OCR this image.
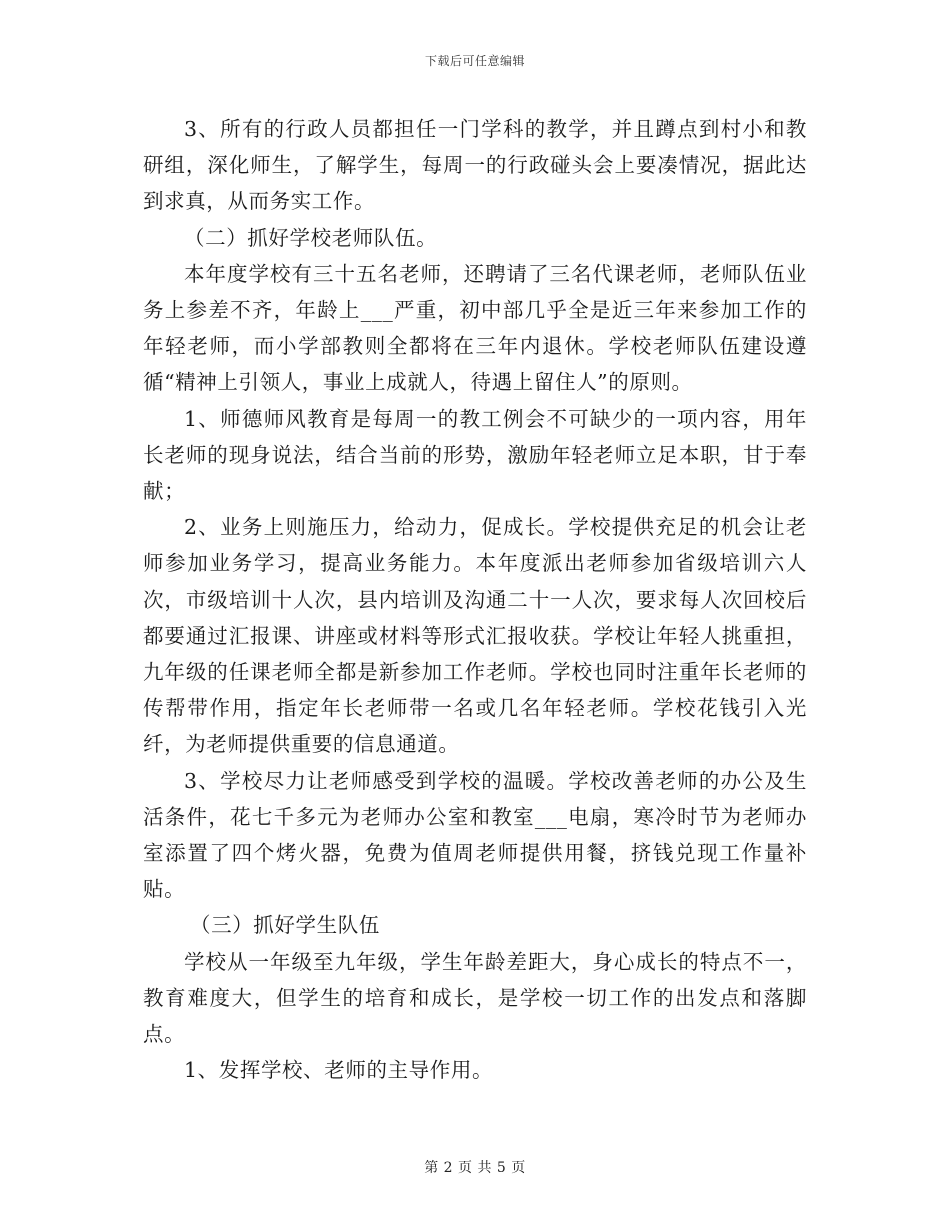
下载后可任意编辑

3、所有的行政人员都担任一门学科的教学，并且蹲点到村小和教研组，深化师生，了解学生，每周一的行政碰头会上要凑情况，据此达到求真，从而务实工作。

（二）抓好学校老师队伍。

本年度学校有三十五名老师，还聘请了三名代课老师，老师队伍业务上参差不齐，年龄上___严重，初中部几乎全是近三年来参加工作的年轻老师，而小学部教则全都将在三年内退休。学校老师队伍建设遵循“精神上引领人，事业上成就人，待遇上留住人”的原则。

1、师德师风教育是每周一的教工例会不可缺少的一项内容，用年长老师的现身说法，结合当前的形势，激励年轻老师立足本职，甘于奉献；

2、业务上则施压力，给动力，促成长。学校提供充足的机会让老师参加业务学习，提高业务能力。本年度派出老师参加省级培训六人次，市级培训十人次，县内培训及沟通二十一人次，要求每人次回校后都要通过汇报课、讲座或材料等形式汇报收获。学校让年轻人挑重担，九年级的任课老师全都是新参加工作老师。学校也同时注重年长老师的传帮带作用，指定年长老师带一名或几名年轻老师。学校花钱引入光纤，为老师提供重要的信息通道。

3、学校尽力让老师感受到学校的温暖。学校改善老师的办公及生活条件，花七千多元为老师办公室和教室___电扇，寒冷时节为老师办室添置了四个烤火器，免费为值周老师提供用餐，挤钱兑现工作量补贴。

（三）抓好学生队伍

学校从一年级至九年级，学生年龄差距大，身心成长的特点不一，教育难度大，但学生的培育和成长，是学校一切工作的出发点和落脚点。

1、发挥学校、老师的主导作用。

第 2 页 共 5 页
